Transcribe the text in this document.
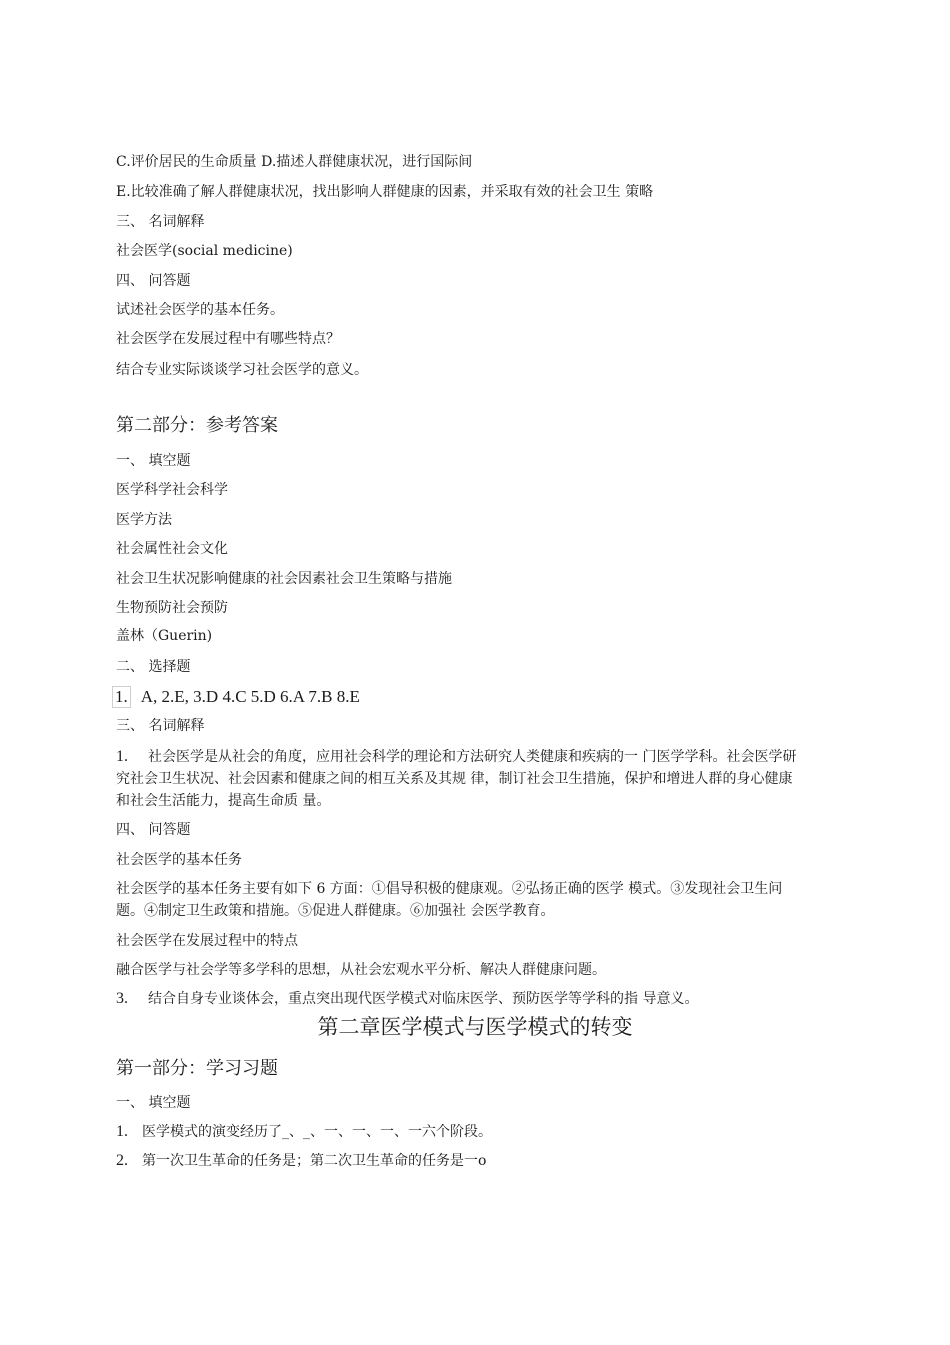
C.评价居民的生命质量 D.描述人群健康状况，进行国际间
E.比较准确了解人群健康状况，找出影响人群健康的因素，并采取有效的社会卫生 策略
三、 名词解释
社会医学(social medicine)
四、 问答题
试述社会医学的基本任务。
社会医学在发展过程中有哪些特点？
结合专业实际谈谈学习社会医学的意义。
第二部分：参考答案
一、 填空题
医学科学社会科学
医学方法
社会属性社会文化
社会卫生状况影响健康的社会因素社会卫生策略与措施
生物预防社会预防
盖林（Guerin)
二、 选择题
1. A, 2.E, 3.D 4.C 5.D 6.A 7.B 8.E
三、 名词解释
1. 社会医学是从社会的角度，应用社会科学的理论和方法研究人类健康和疾病的一 门医学学科。社会医学研究社会卫生状况、社会因素和健康之间的相互关系及其规 律，制订社会卫生措施，保护和增进人群的身心健康和社会生活能力，提高生命质 量。
四、 问答题
社会医学的基本任务
社会医学的基本任务主要有如下 6 方面：①倡导积极的健康观。②弘扬正确的医学 模式。③发现社会卫生问题。④制定卫生政策和措施。⑤促进人群健康。⑥加强社 会医学教育。
社会医学在发展过程中的特点
融合医学与社会学等多学科的思想，从社会宏观水平分析、解决人群健康问题。
3. 结合自身专业谈体会，重点突出现代医学模式对临床医学、预防医学等学科的指 导意义。
第二章医学模式与医学模式的转变
第一部分：学习习题
一、 填空题
1. 医学模式的演变经历了_、_、一、一、一、一六个阶段。
2. 第一次卫生革命的任务是；第二次卫生革命的任务是一o
